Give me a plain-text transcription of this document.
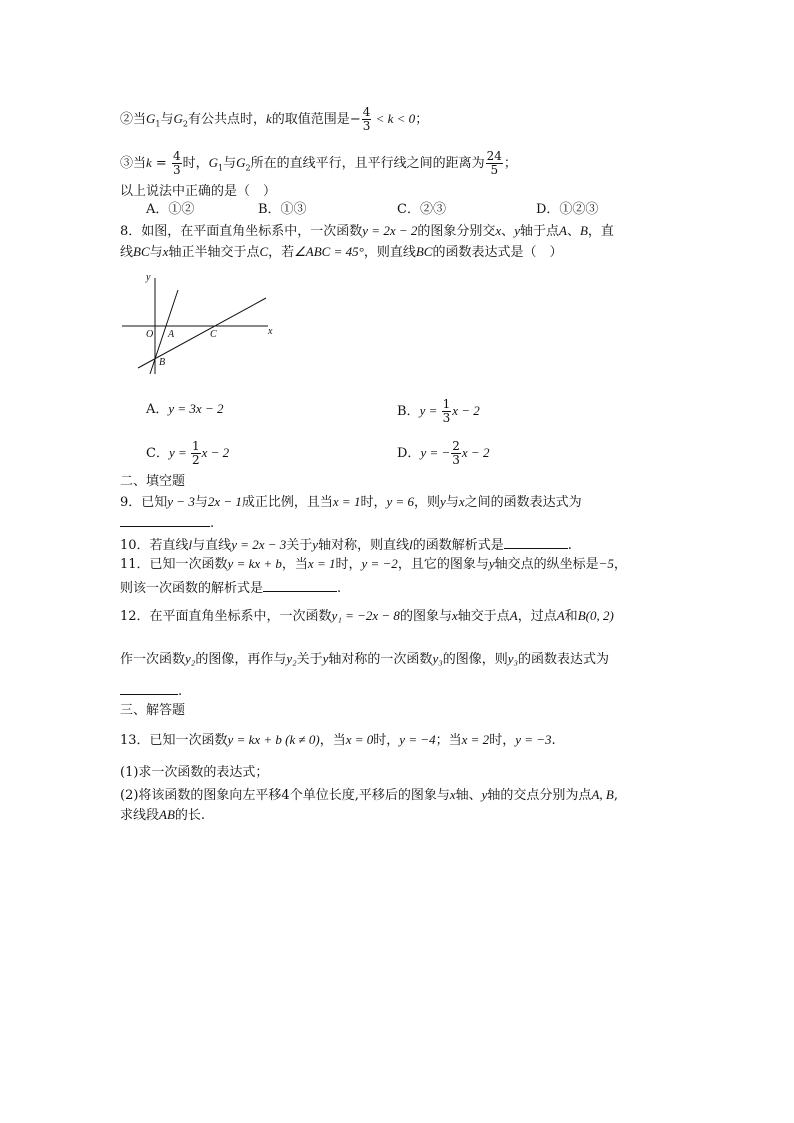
②当$G_1$与$G_2$有公共点时，k的取值范围是− $\frac{4}{3} < k < 0$；
③当$k = \frac{4}{3}$ 时，$G_1$与$G_2$所在的直线平行，且平行线之间的距离为 $\frac{24}{5}$ ；
以上说法中正确的是（　）
A．①②	B．①③	C．②③	D．①②③
8．如图，在平面直角坐标系中，一次函数y = 2x − 2的图象分别交x、y轴于点A、B，直
线BC与x轴正半轴交于点C，若∠ABC = 45°，则直线BC的函数表达式是（　）
y
x
O A	C
B
A．y = 3x − 2	B．$y = \frac{1}{3}$ x − 2
C．$y = \frac{1}{2}$ x − 2	D．y = − $\frac{2}{3}$ x − 2
二、填空题
9．已知y − 3与2x − 1成正比例，且当x = 1时，y = 6，则y与x之间的函数表达式为
.
10．若直线l与直线y = 2x − 3关于y轴对称，则直线l的函数解析式是	.
11．已知一次函数y = kx + b，当x = 1时，y = −2，且它的图象与y轴交点的纵坐标是−5，
则该一次函数的解析式是	.
12．在平面直角坐标系中，一次函数y₁ = −2x − 8的图象与x轴交于点A，过点A和B(0, 2)
作一次函数y₂的图像，再作与y₂关于y轴对称的一次函数y₃的图像，则y₃的函数表达式为
.
三、解答题
13．已知一次函数y = kx + b (k ≠ 0)，当x = 0时，y = −4；当x = 2时，y = −3.
(1)求一次函数的表达式；
(2)将该函数的图象向左平移4个单位长度,平移后的图象与x轴、y轴的交点分别为点A, B,
求线段AB的长.
